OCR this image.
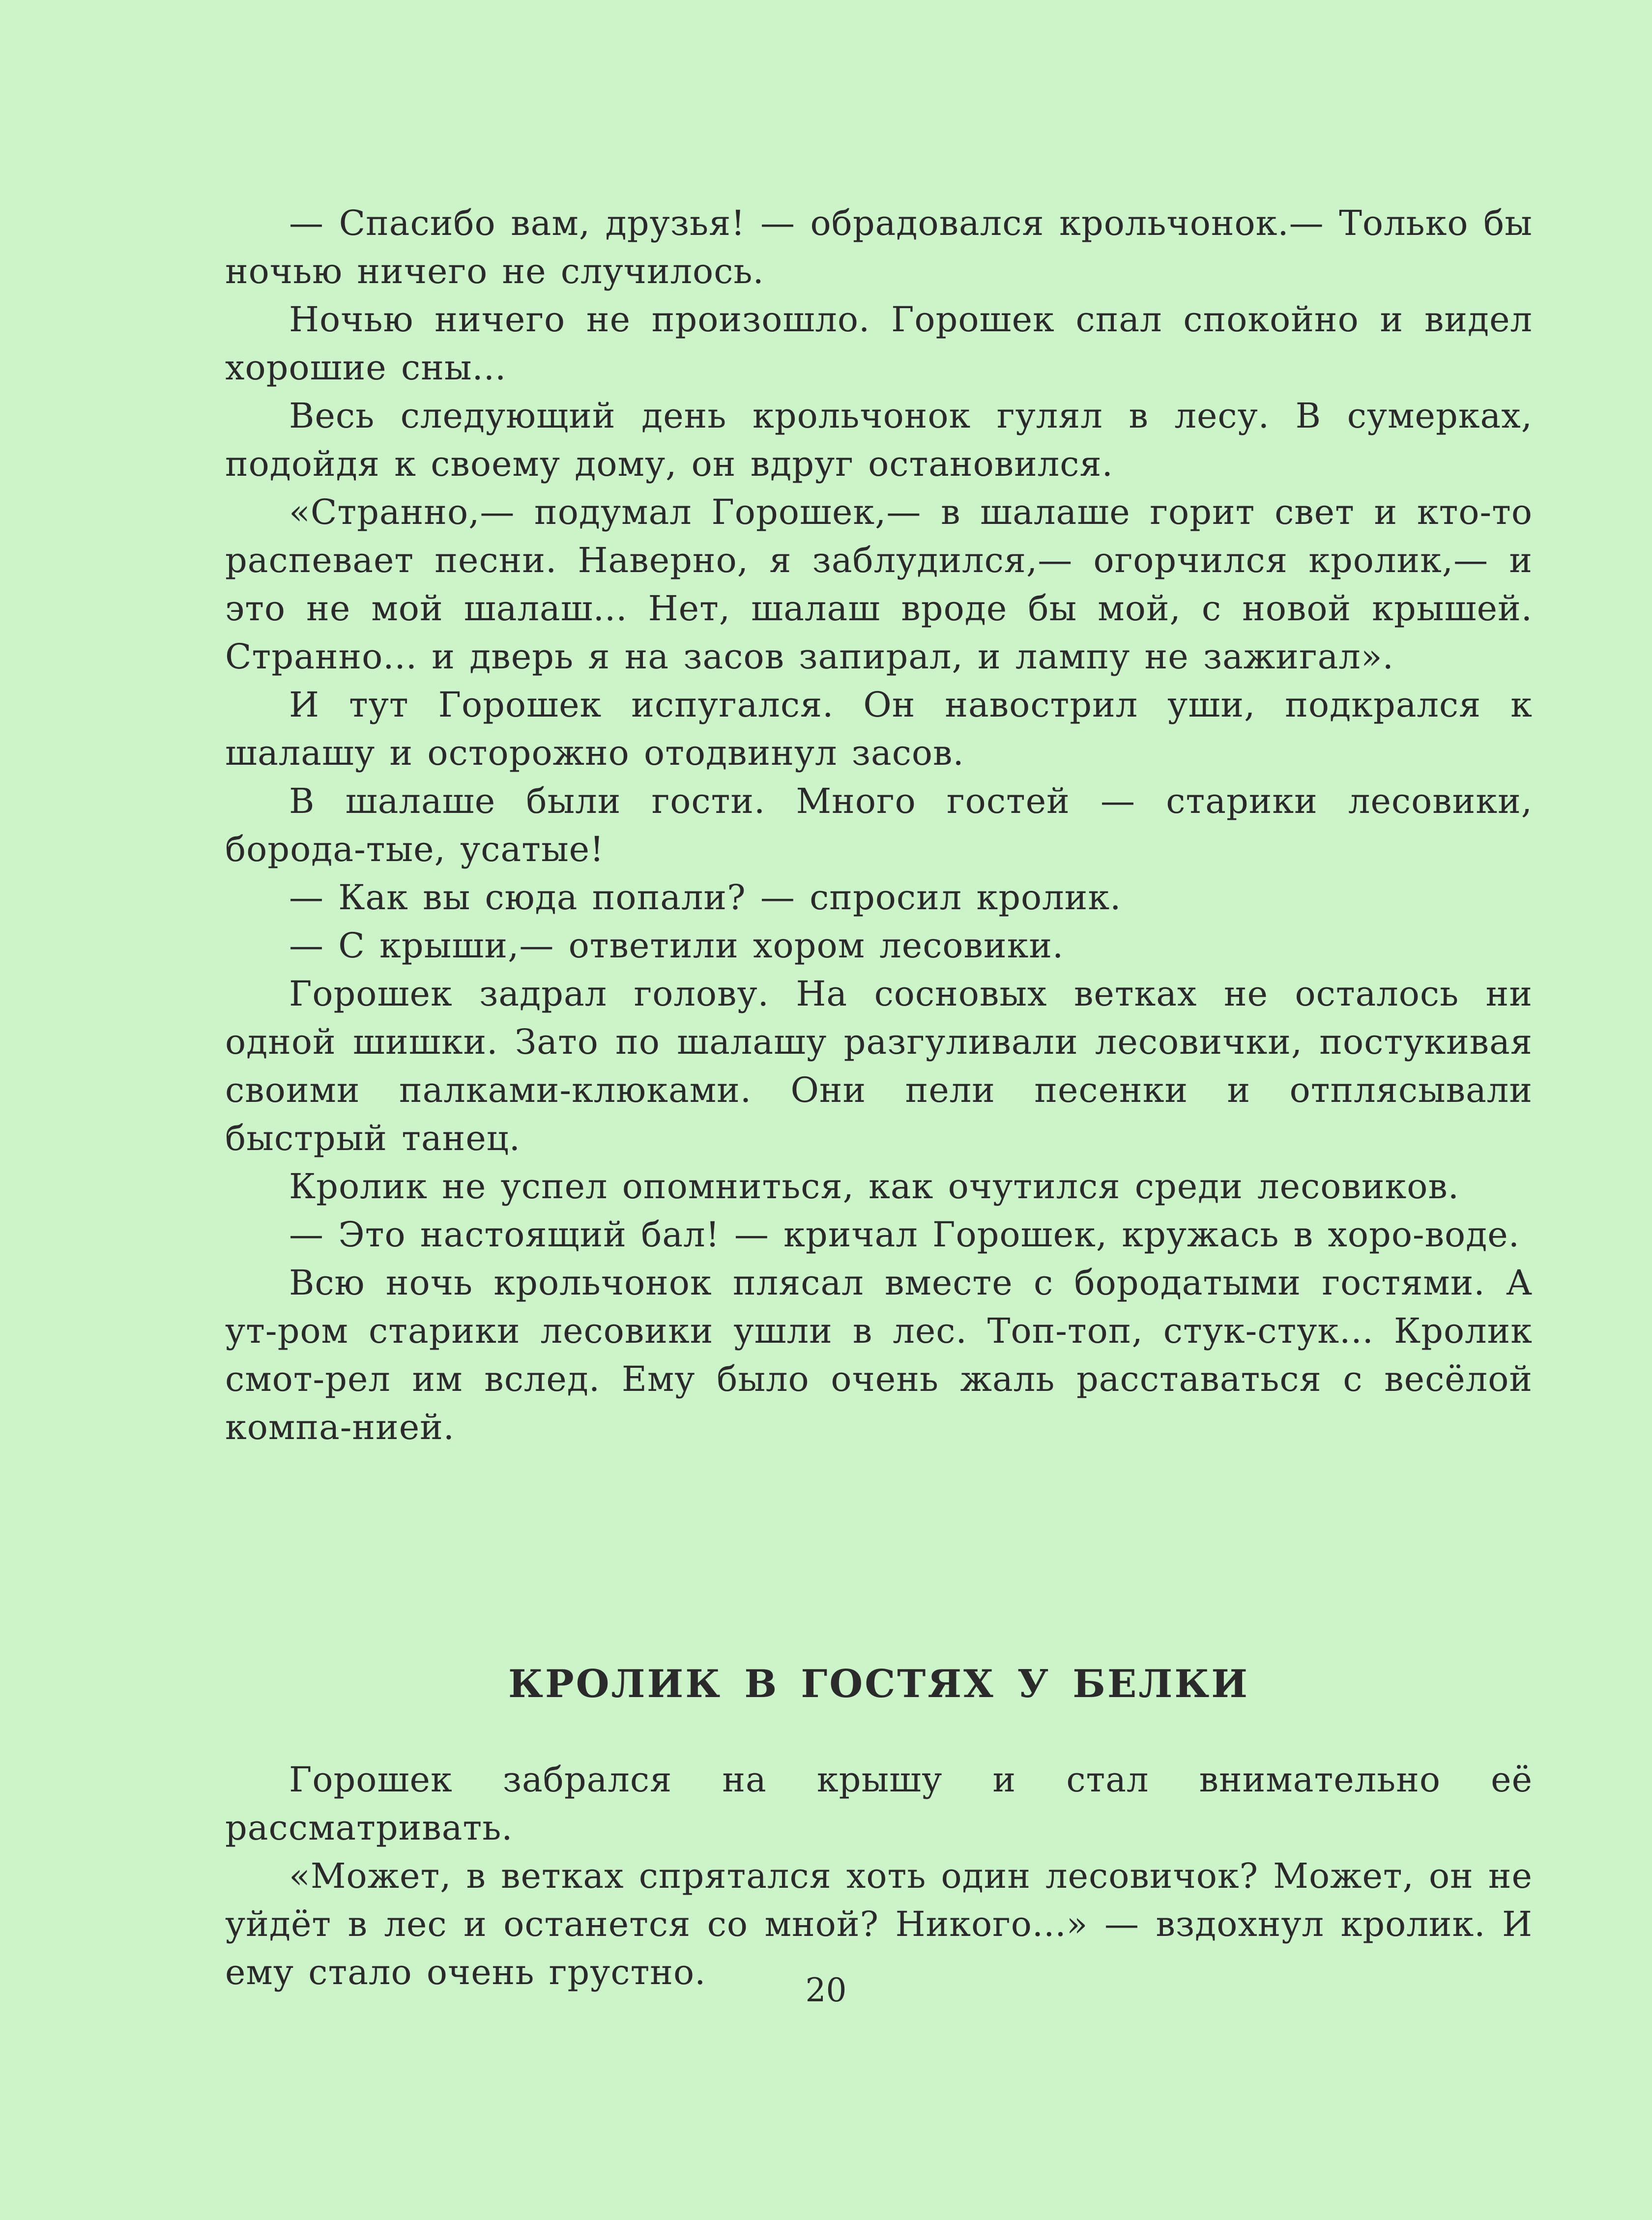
— Спасибо вам, друзья! — обрадовался крольчонок.— Только бы ночью ничего не случилось.

Ночью ничего не произошло. Горошек спал спокойно и видел хорошие сны...

Весь следующий день крольчонок гулял в лесу. В сумерках, подойдя к своему дому, он вдруг остановился.

«Странно,— подумал Горошек,— в шалаше горит свет и кто-то распевает песни. Наверно, я заблудился,— огорчился кролик,— и это не мой шалаш... Нет, шалаш вроде бы мой, с новой крышей. Странно... и дверь я на засов запирал, и лампу не зажигал».

И тут Горошек испугался. Он навострил уши, подкрался к шалашу и осторожно отодвинул засов.

В шалаше были гости. Много гостей — старики лесовики, борода-тые, усатые!

— Как вы сюда попали? — спросил кролик.

— С крыши,— ответили хором лесовики.

Горошек задрал голову. На сосновых ветках не осталось ни одной шишки. Зато по шалашу разгуливали лесовички, постукивая своими палками-клюками. Они пели песенки и отплясывали быстрый танец.

Кролик не успел опомниться, как очутился среди лесовиков.

— Это настоящий бал! — кричал Горошек, кружась в хоро-воде.

Всю ночь крольчонок плясал вместе с бородатыми гостями. А ут-ром старики лесовики ушли в лес. Топ-топ, стук-стук... Кролик смот-рел им вслед. Ему было очень жаль расставаться с весёлой компа-нией.

КРОЛИК В ГОСТЯХ У БЕЛКИ

Горошек забрался на крышу и стал внимательно её рассматривать.

«Может, в ветках спрятался хоть один лесовичок? Может, он не уйдёт в лес и останется со мной? Никого...» — вздохнул кролик. И ему стало очень грустно.	20
